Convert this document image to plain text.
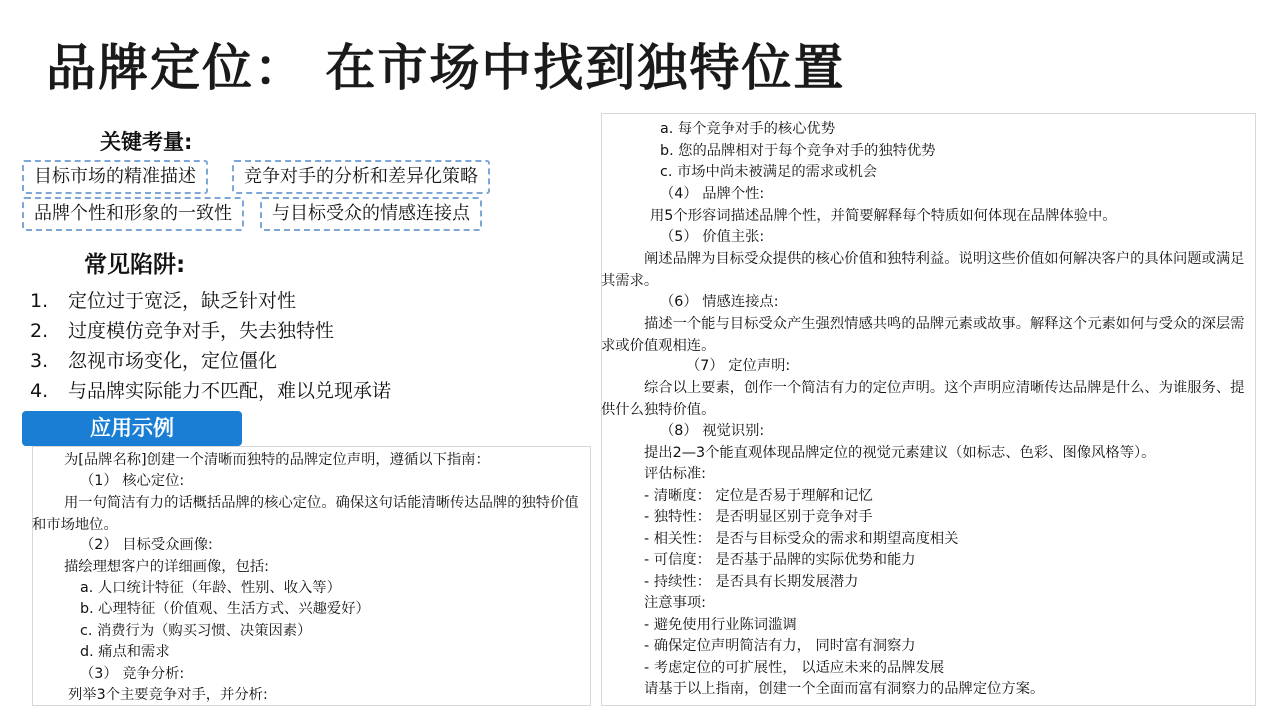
品牌定位： 在市场中找到独特位置
关键考量:
目标市场的精准描述	竞争对手的分析和差异化策略
品牌个性和形象的一致性	与目标受众的情感连接点
常见陷阱:
1. 定位过于宽泛，缺乏针对性
2. 过度模仿竞争对手，失去独特性
3. 忽视市场变化，定位僵化
4. 与品牌实际能力不匹配，难以兑现承诺
为[品牌名称]创建一个清晰而独特的品牌定位声明，遵循以下指南：
（1） 核心定位:
用一句简洁有力的话概括品牌的核心定位。确保这句话能清晰传达品牌的独特价值和市场地位。
（2） 目标受众画像:
描绘理想客户的详细画像，包括:
a. 人口统计特征（年龄、性别、收入等）
b. 心理特征（价值观、生活方式、兴趣爱好）
c. 消费行为（购买习惯、决策因素）
d. 痛点和需求
（3） 竞争分析:
列举3个主要竞争对手，并分析:
应用示例
a. 每个竞争对手的核心优势
b. 您的品牌相对于每个竞争对手的独特优势
c. 市场中尚未被满足的需求或机会
（4） 品牌个性:
用5个形容词描述品牌个性，并简要解释每个特质如何体现在品牌体验中。
（5） 价值主张:
阐述品牌为目标受众提供的核心价值和独特利益。说明这些价值如何解决客户的具体问题或满足其需求。
（6） 情感连接点:
描述一个能与目标受众产生强烈情感共鸣的品牌元素或故事。解释这个元素如何与受众的深层需求或价值观相连。
（7） 定位声明:
综合以上要素，创作一个简洁有力的定位声明。这个声明应清晰传达品牌是什么、为谁服务、提供什么独特价值。
（8） 视觉识别:
提出2—3个能直观体现品牌定位的视觉元素建议（如标志、色彩、图像风格等）。
评估标准:
- 清晰度： 定位是否易于理解和记忆
- 独特性： 是否明显区别于竞争对手
- 相关性： 是否与目标受众的需求和期望高度相关
- 可信度： 是否基于品牌的实际优势和能力
- 持续性： 是否具有长期发展潜力
注意事项:
- 避免使用行业陈词滥调
- 确保定位声明简洁有力， 同时富有洞察力
- 考虑定位的可扩展性， 以适应未来的品牌发展
请基于以上指南，创建一个全面而富有洞察力的品牌定位方案。
